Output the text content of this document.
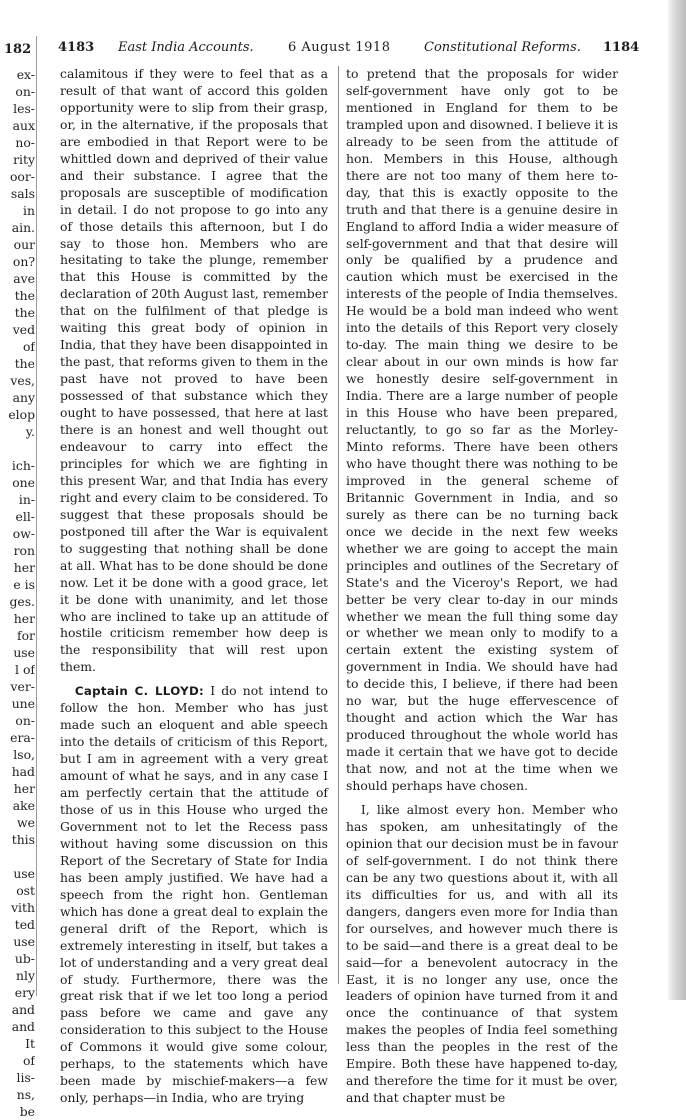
182
ex-
on-
les-
aux
no-
rity
oor-
sals
in
ain.
our
on?
ave
the
the
ved
of
the
ves,
any
elop
y.
ich-
one
in-
ell-
ow-
ron
her
e is
ges.
her
for
use
l of
ver-
une
on-
era-
lso,
had
her
ake
we
this
use
ost
vith
ted
use
ub-
nly
ery
and
and
It
of
lis-
ns,
be
4183 East India Accounts.	6 August 1918	Constitutional Reforms. 1184

calamitous if they were to feel that as a result of that want of accord this golden opportunity were to slip from their grasp, or, in the alternative, if the proposals that are embodied in that Report were to be whittled down and deprived of their value and their substance. I agree that the proposals are susceptible of modification in detail. I do not propose to go into any of those details this afternoon, but I do say to those hon. Members who are hesitating to take the plunge, remember that this House is committed by the declaration of 20th August last, remember that on the fulfilment of that pledge is waiting this great body of opinion in India, that they have been disappointed in the past, that reforms given to them in the past have not proved to have been possessed of that substance which they ought to have possessed, that here at last there is an honest and well thought out endeavour to carry into effect the principles for which we are fighting in this present War, and that India has every right and every claim to be considered. To suggest that these proposals should be postponed till after the War is equivalent to suggesting that nothing shall be done at all. What has to be done should be done now. Let it be done with a good grace, let it be done with unanimity, and let those who are inclined to take up an attitude of hostile criticism remember how deep is the responsibility that will rest upon them.

Captain C. LLOYD: I do not intend to follow the hon. Member who has just made such an eloquent and able speech into the details of criticism of this Report, but I am in agreement with a very great amount of what he says, and in any case I am perfectly certain that the attitude of those of us in this House who urged the Government not to let the Recess pass without having some discussion on this Report of the Secretary of State for India has been amply justified. We have had a speech from the right hon. Gentleman which has done a great deal to explain the general drift of the Report, which is extremely interesting in itself, but takes a lot of understanding and a very great deal of study. Furthermore, there was the great risk that if we let too long a period pass before we came and gave any consideration to this subject to the House of Commons it would give some colour, perhaps, to the statements which have been made by mischief-makers—a few only, perhaps—in India, who are trying

to pretend that the proposals for wider self-government have only got to be mentioned in England for them to be trampled upon and disowned. I believe it is already to be seen from the attitude of hon. Members in this House, although there are not too many of them here to-day, that this is exactly opposite to the truth and that there is a genuine desire in England to afford India a wider measure of self-government and that that desire will only be qualified by a prudence and caution which must be exercised in the interests of the people of India themselves. He would be a bold man indeed who went into the details of this Report very closely to-day. The main thing we desire to be clear about in our own minds is how far we honestly desire self-government in India. There are a large number of people in this House who have been prepared, reluctantly, to go so far as the Morley-Minto reforms. There have been others who have thought there was nothing to be improved in the general scheme of Britannic Government in India, and so surely as there can be no turning back once we decide in the next few weeks whether we are going to accept the main principles and outlines of the Secretary of State's and the Viceroy's Report, we had better be very clear to-day in our minds whether we mean the full thing some day or whether we mean only to modify to a certain extent the existing system of government in India. We should have had to decide this, I believe, if there had been no war, but the huge effervescence of thought and action which the War has produced throughout the whole world has made it certain that we have got to decide that now, and not at the time when we should perhaps have chosen.

I, like almost every hon. Member who has spoken, am unhesitatingly of the opinion that our decision must be in favour of self-government. I do not think there can be any two questions about it, with all its difficulties for us, and with all its dangers, dangers even more for India than for ourselves, and however much there is to be said—and there is a great deal to be said—for a benevolent autocracy in the East, it is no longer any use, once the leaders of opinion have turned from it and once the continuance of that system makes the peoples of India feel something less than the peoples in the rest of the Empire. Both these have happened to-day, and therefore the time for it must be over, and that chapter must be
